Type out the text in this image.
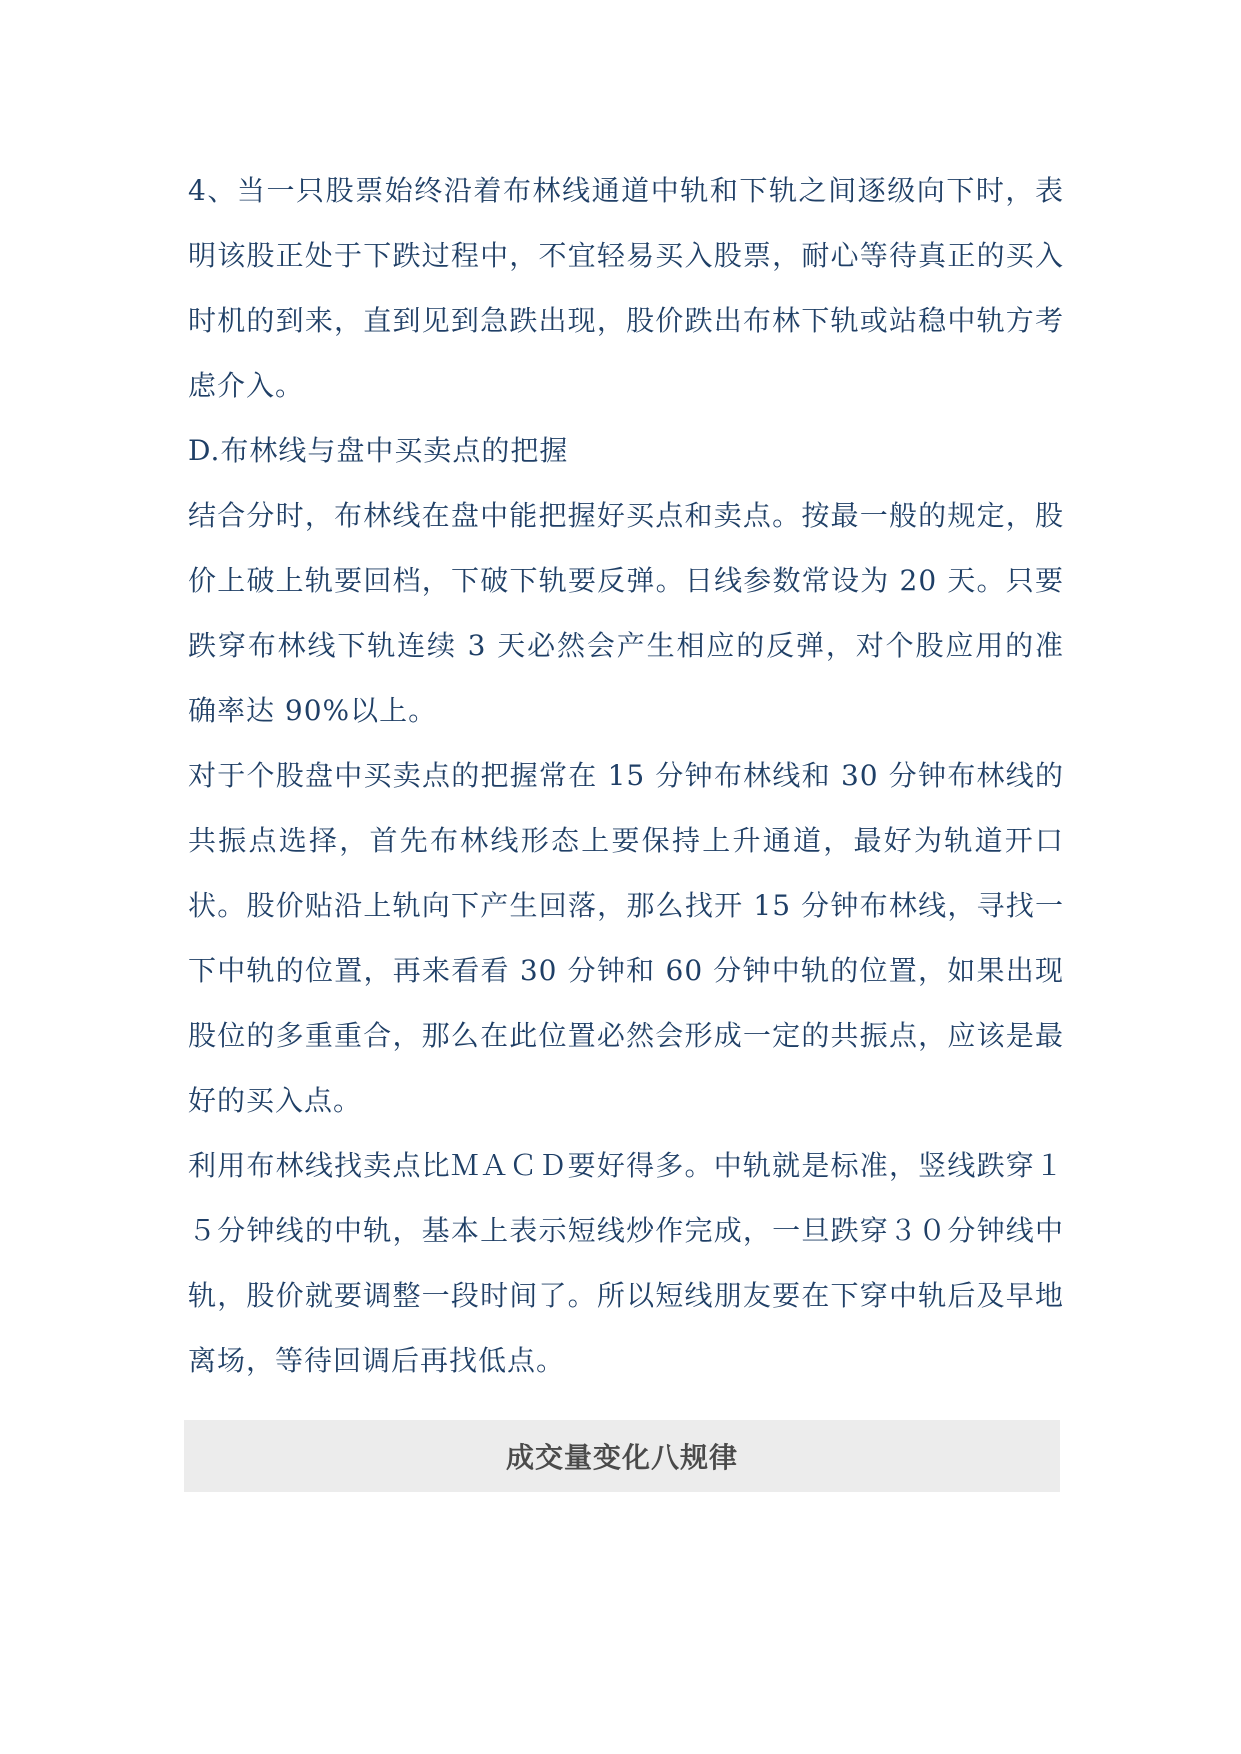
4、当一只股票始终沿着布林线通道中轨和下轨之间逐级向下时，表明该股正处于下跌过程中，不宜轻易买入股票，耐心等待真正的买入时机的到来，直到见到急跌出现，股价跌出布林下轨或站稳中轨方考虑介入。

D.布林线与盘中买卖点的把握

结合分时，布林线在盘中能把握好买点和卖点。按最一般的规定，股价上破上轨要回档，下破下轨要反弹。日线参数常设为 20 天。只要跌穿布林线下轨连续 3 天必然会产生相应的反弹，对个股应用的准确率达 90%以上。

对于个股盘中买卖点的把握常在 15 分钟布林线和 30 分钟布林线的共振点选择，首先布林线形态上要保持上升通道，最好为轨道开口状。股价贴沿上轨向下产生回落，那么找开 15 分钟布林线，寻找一下中轨的位置，再来看看 30 分钟和 60 分钟中轨的位置，如果出现股位的多重重合，那么在此位置必然会形成一定的共振点，应该是最好的买入点。

利用布林线找卖点比ＭＡＣＤ要好得多。中轨就是标准，竖线跌穿１５分钟线的中轨，基本上表示短线炒作完成，一旦跌穿３０分钟线中轨，股价就要调整一段时间了。所以短线朋友要在下穿中轨后及早地离场，等待回调后再找低点。

成交量变化八规律
